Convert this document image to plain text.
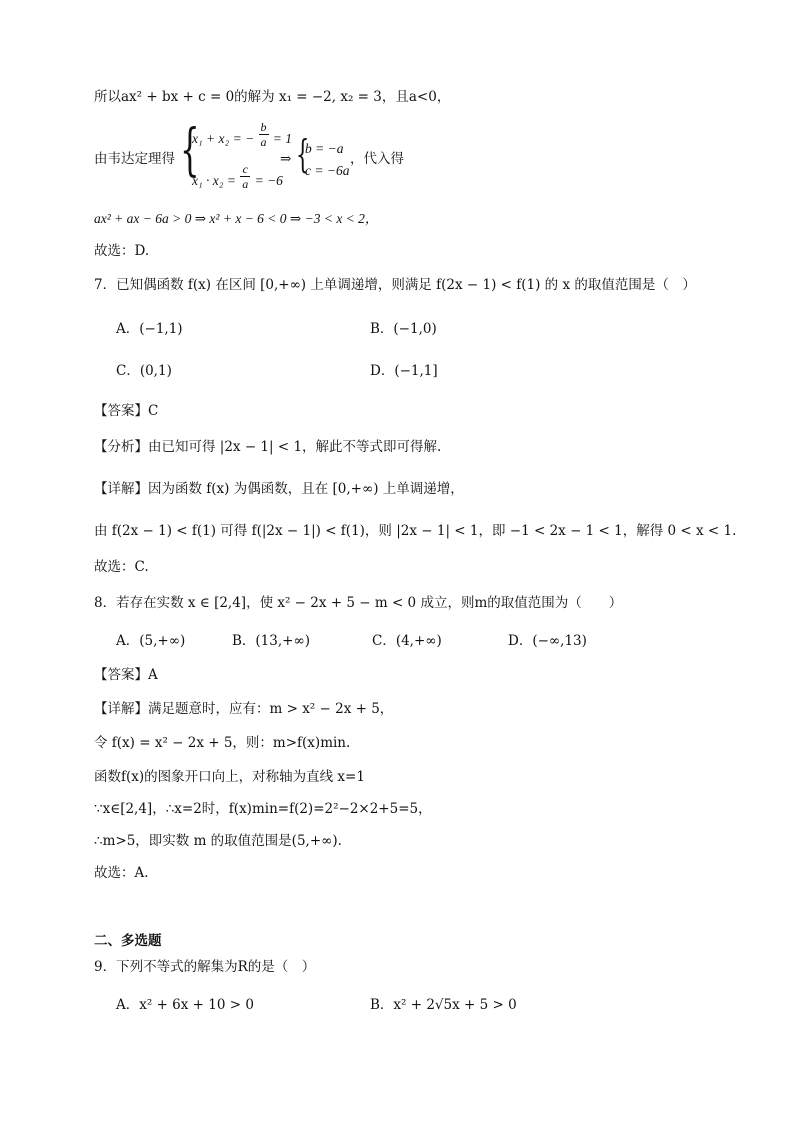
所以ax² + bx + c = 0的解为 x₁ = −2, x₂ = 3，且a<0，
由韦达定理得 {
x₁ + x₂ = − $\frac{b}{a} = 1$
$x_1 \cdot x_2 = \frac{c}{a} = -6$
⇒ {
b = −a
c = −6a
，代入得
ax² + ax − 6a > 0 ⇒ x² + x − 6 < 0 ⇒ −3 < x < 2，
故选：D.
7．已知偶函数 f(x) 在区间 [0,+∞) 上单调递增，则满足 f(2x − 1) < f(1) 的 x 的取值范围是（　）
A．(−1,1)	B．(−1,0)
C．(0,1)	D．(−1,1]
【答案】C
【分析】由已知可得 |2x − 1| < 1，解此不等式即可得解.
【详解】因为函数 f(x) 为偶函数，且在 [0,+∞) 上单调递增，
由 f(2x − 1) < f(1) 可得 f(|2x − 1|) < f(1)，则 |2x − 1| < 1，即 −1 < 2x − 1 < 1，解得 0 < x < 1.
故选：C.
8．若存在实数 x ∈ [2,4]，使 x² − 2x + 5 − m < 0 成立，则m的取值范围为（　　）
A．(5,+∞)	B．(13,+∞)	C．(4,+∞)	D．(−∞,13)
【答案】A
【详解】满足题意时，应有：m > x² − 2x + 5，
令 f(x) = x² − 2x + 5，则：m>f(x)min.
函数f(x)的图象开口向上，对称轴为直线 x=1
∵x∈[2,4]，∴x=2时，f(x)min=f(2)=2²−2×2+5=5，
∴m>5，即实数 m 的取值范围是(5,+∞).
故选：A.
二、多选题
9．下列不等式的解集为R的是（　）
A．x² + 6x + 10 > 0	B．x² + 2√5x + 5 > 0
